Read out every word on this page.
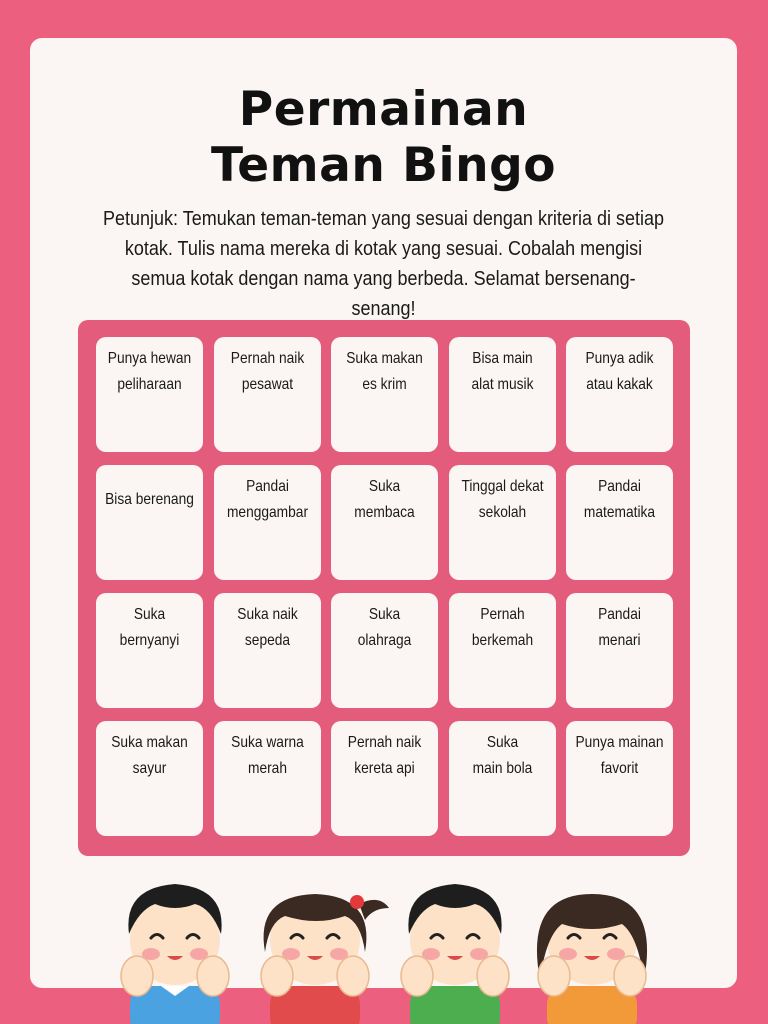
Permainan
Teman Bingo

Petunjuk: Temukan teman-teman yang sesuai dengan kriteria di setiap kotak. Tulis nama mereka di kotak yang sesuai. Cobalah mengisi semua kotak dengan nama yang berbeda. Selamat bersenang-senang!

Punya hewan
peliharaan
Pernah naik
pesawat
Suka makan
es krim
Bisa main
alat musik
Punya adik
atau kakak
Bisa berenang
Pandai
menggambar
Suka
membaca
Tinggal dekat
sekolah
Pandai
matematika
Suka
bernyanyi
Suka naik
sepeda
Suka
olahraga
Pernah
berkemah
Pandai
menari
Suka makan
sayur
Suka warna
merah
Pernah naik
kereta api
Suka
main bola
Punya mainan
favorit
